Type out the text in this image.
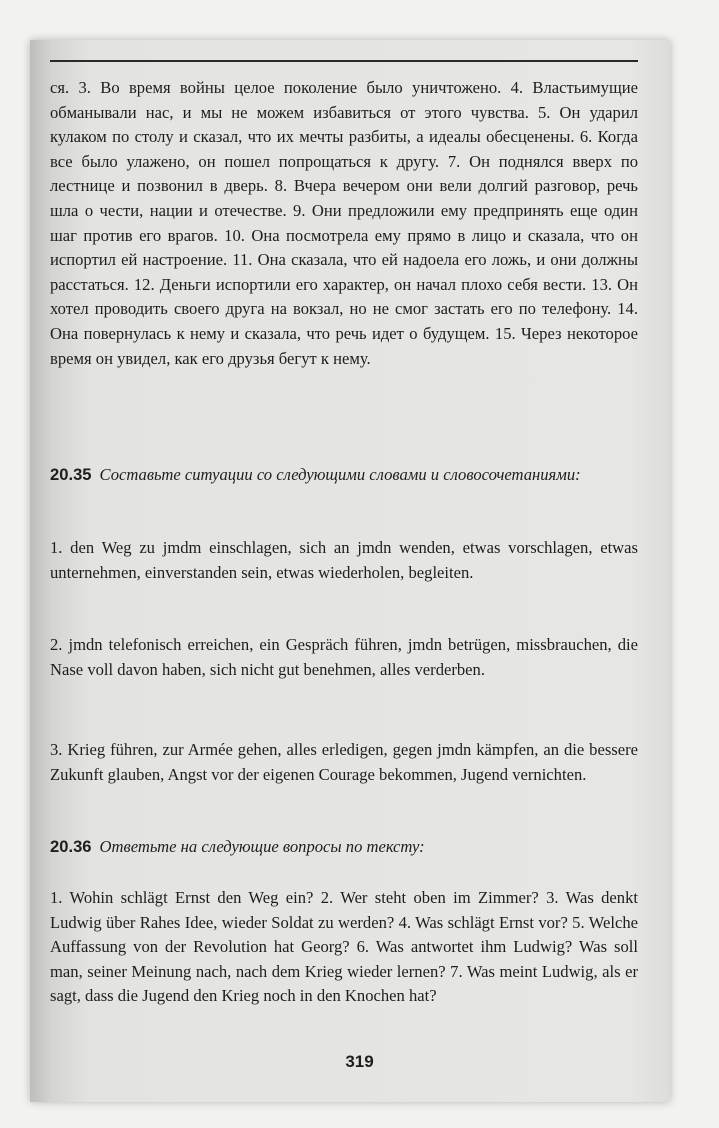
ся. 3. Во время войны целое поколение было уничтожено. 4. Властьимущие обманывали нас, и мы не можем избавиться от этого чувства. 5. Он ударил кулаком по столу и сказал, что их мечты разбиты, а идеалы обесценены. 6. Когда все было улажено, он пошел попрощаться к другу. 7. Он поднялся вверх по лестнице и позвонил в дверь. 8. Вчера вечером они вели долгий разговор, речь шла о чести, нации и отечестве. 9. Они предложили ему предпринять еще один шаг против его врагов. 10. Она посмотрела ему прямо в лицо и сказала, что он испортил ей настроение. 11. Она сказала, что ей надоела его ложь, и они должны расстаться. 12. Деньги испортили его характер, он начал плохо себя вести. 13. Он хотел проводить своего друга на вокзал, но не смог застать его по телефону. 14. Она повернулась к нему и сказала, что речь идет о будущем. 15. Через некоторое время он увидел, как его друзья бегут к нему.

20.35 Составьте ситуации со следующими словами и словосочетаниями:

1. den Weg zu jmdm einschlagen, sich an jmdn wenden, etwas vorschlagen, etwas unternehmen, einverstanden sein, etwas wiederholen, begleiten.

2. jmdn telefonisch erreichen, ein Gespräch führen, jmdn betrügen, missbrauchen, die Nase voll davon haben, sich nicht gut benehmen, alles verderben.

3. Krieg führen, zur Armée gehen, alles erledigen, gegen jmdn kämpfen, an die bessere Zukunft glauben, Angst vor der eigenen Courage bekommen, Jugend vernichten.

20.36 Ответьте на следующие вопросы по тексту:

1. Wohin schlägt Ernst den Weg ein? 2. Wer steht oben im Zimmer? 3. Was denkt Ludwig über Rahes Idee, wieder Soldat zu werden? 4. Was schlägt Ernst vor? 5. Welche Auffassung von der Revolution hat Georg? 6. Was antwortet ihm Ludwig? Was soll man, seiner Meinung nach, nach dem Krieg wieder lernen? 7. Was meint Ludwig, als er sagt, dass die Jugend den Krieg noch in den Knochen hat?

319
